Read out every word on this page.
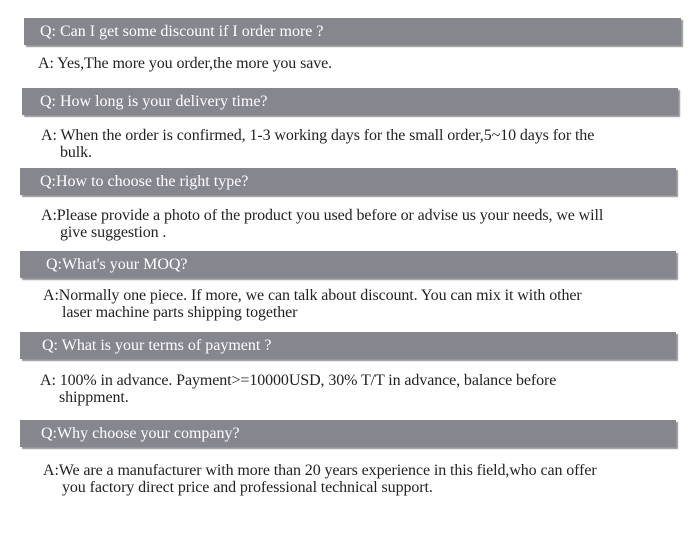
Q: Can I get some discount if I order more ?
A: Yes,The more you order,the more you save.
Q: How long is your delivery time?
A: When the order is confirmed, 1-3 working days for the small order,5~10 days for the
bulk.
Q:How to choose the right type?
A:Please provide a photo of the product you used before or advise us your needs, we will
give suggestion .
Q:What's your MOQ?
A:Normally one piece. If more, we can talk about discount. You can mix it with other
laser machine parts shipping together
Q: What is your terms of payment ?
A: 100% in advance. Payment>=10000USD, 30% T/T in advance, balance before
shippment.
Q:Why choose your company?
A:We are a manufacturer with more than 20 years experience in this field,who can offer
you factory direct price and professional technical support.
